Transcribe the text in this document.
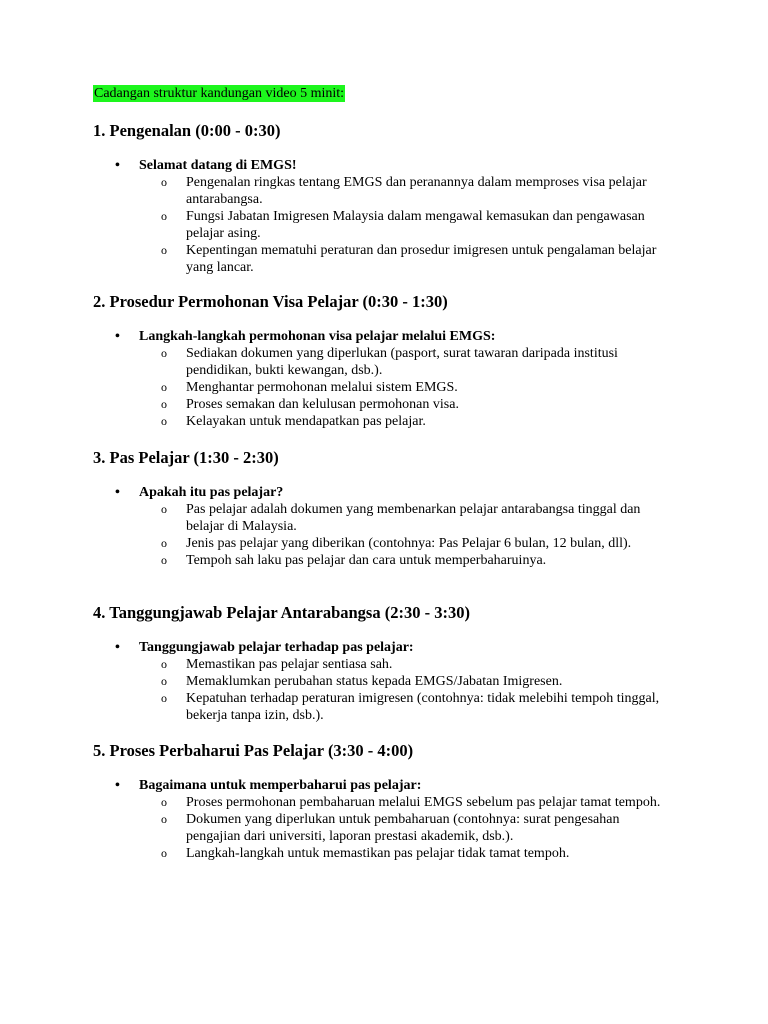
Cadangan struktur kandungan video 5 minit:
1. Pengenalan (0:00 - 0:30)
• Selamat datang di EMGS!
o Pengenalan ringkas tentang EMGS dan peranannya dalam memproses visa pelajar antarabangsa.
o Fungsi Jabatan Imigresen Malaysia dalam mengawal kemasukan dan pengawasan pelajar asing.
o Kepentingan mematuhi peraturan dan prosedur imigresen untuk pengalaman belajar yang lancar.
2. Prosedur Permohonan Visa Pelajar (0:30 - 1:30)
• Langkah-langkah permohonan visa pelajar melalui EMGS:
o Sediakan dokumen yang diperlukan (pasport, surat tawaran daripada institusi pendidikan, bukti kewangan, dsb.).
o Menghantar permohonan melalui sistem EMGS.
o Proses semakan dan kelulusan permohonan visa.
o Kelayakan untuk mendapatkan pas pelajar.
3. Pas Pelajar (1:30 - 2:30)
• Apakah itu pas pelajar?
o Pas pelajar adalah dokumen yang membenarkan pelajar antarabangsa tinggal dan belajar di Malaysia.
o Jenis pas pelajar yang diberikan (contohnya: Pas Pelajar 6 bulan, 12 bulan, dll).
o Tempoh sah laku pas pelajar dan cara untuk memperbaharuinya.
4. Tanggungjawab Pelajar Antarabangsa (2:30 - 3:30)
• Tanggungjawab pelajar terhadap pas pelajar:
o Memastikan pas pelajar sentiasa sah.
o Memaklumkan perubahan status kepada EMGS/Jabatan Imigresen.
o Kepatuhan terhadap peraturan imigresen (contohnya: tidak melebihi tempoh tinggal, bekerja tanpa izin, dsb.).
5. Proses Perbaharui Pas Pelajar (3:30 - 4:00)
• Bagaimana untuk memperbaharui pas pelajar:
o Proses permohonan pembaharuan melalui EMGS sebelum pas pelajar tamat tempoh.
o Dokumen yang diperlukan untuk pembaharuan (contohnya: surat pengesahan pengajian dari universiti, laporan prestasi akademik, dsb.).
o Langkah-langkah untuk memastikan pas pelajar tidak tamat tempoh.
